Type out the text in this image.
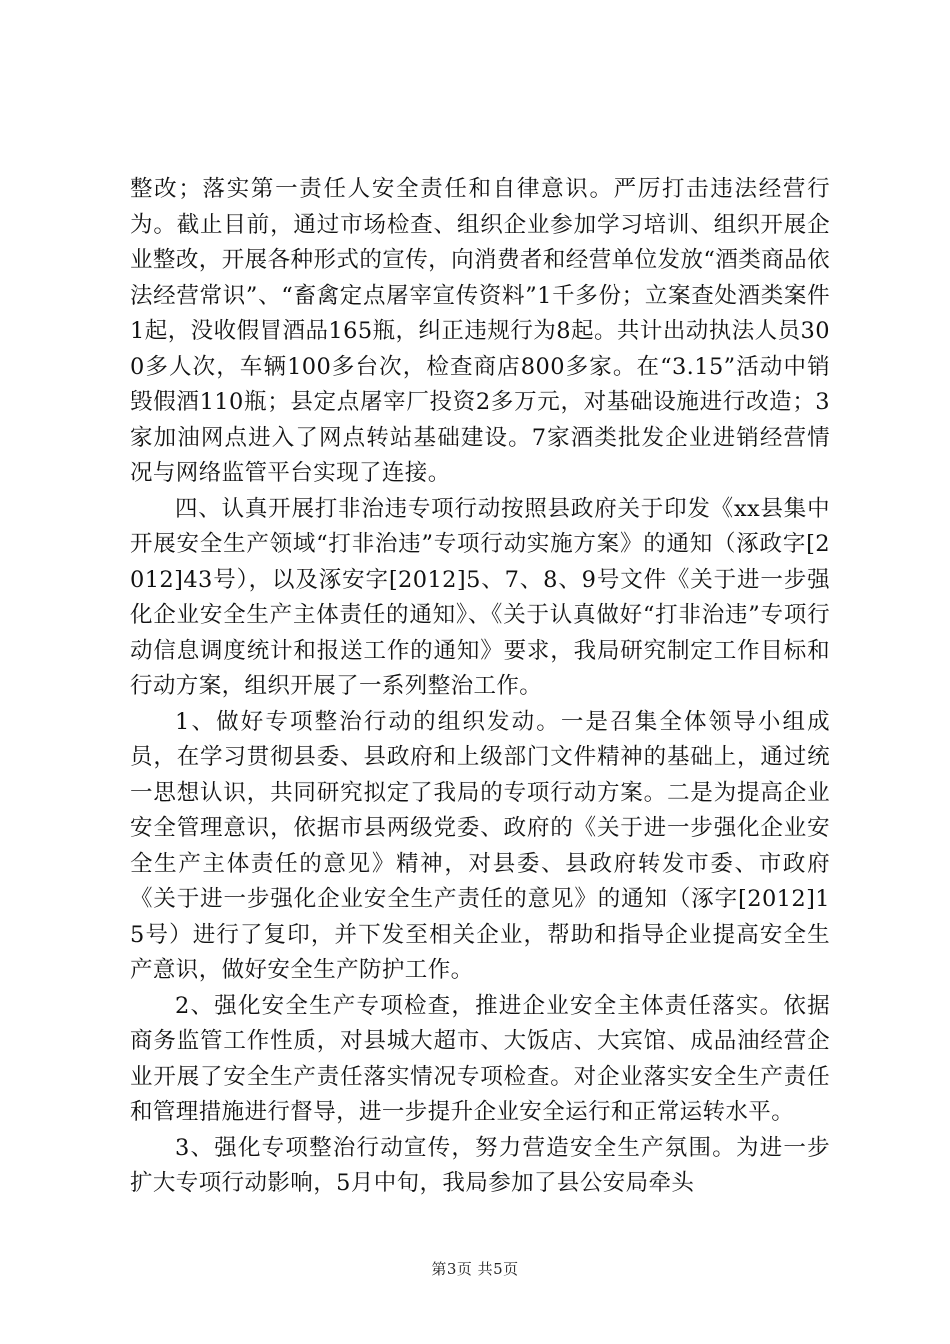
整改；落实第一责任人安全责任和自律意识。严厉打击违法经营行为。截止目前，通过市场检查、组织企业参加学习培训、组织开展企业整改，开展各种形式的宣传，向消费者和经营单位发放“酒类商品依法经营常识”、“畜禽定点屠宰宣传资料”1千多份；立案查处酒类案件1起，没收假冒酒品165瓶，纠正违规行为8起。共计出动执法人员300多人次，车辆100多台次，检查商店800多家。在“3.15”活动中销毁假酒110瓶；县定点屠宰厂投资2多万元，对基础设施进行改造；3家加油网点进入了网点转站基础建设。7家酒类批发企业进销经营情况与网络监管平台实现了连接。

四、认真开展打非治违专项行动按照县政府关于印发《xx县集中开展安全生产领域“打非治违”专项行动实施方案》的通知（涿政字[2012]43号），以及涿安字[2012]5、7、8、9号文件《关于进一步强化企业安全生产主体责任的通知》、《关于认真做好“打非治违”专项行动信息调度统计和报送工作的通知》要求，我局研究制定工作目标和行动方案，组织开展了一系列整治工作。

1、做好专项整治行动的组织发动。一是召集全体领导小组成员，在学习贯彻县委、县政府和上级部门文件精神的基础上，通过统一思想认识，共同研究拟定了我局的专项行动方案。二是为提高企业安全管理意识，依据市县两级党委、政府的《关于进一步强化企业安全生产主体责任的意见》精神，对县委、县政府转发市委、市政府《关于进一步强化企业安全生产责任的意见》的通知（涿字[2012]15号）进行了复印，并下发至相关企业，帮助和指导企业提高安全生产意识，做好安全生产防护工作。

2、强化安全生产专项检查，推进企业安全主体责任落实。依据商务监管工作性质，对县城大超市、大饭店、大宾馆、成品油经营企业开展了安全生产责任落实情况专项检查。对企业落实安全生产责任和管理措施进行督导，进一步提升企业安全运行和正常运转水平。

3、强化专项整治行动宣传，努力营造安全生产氛围。为进一步扩大专项行动影响，5月中旬，我局参加了县公安局牵头

第3页 共5页
